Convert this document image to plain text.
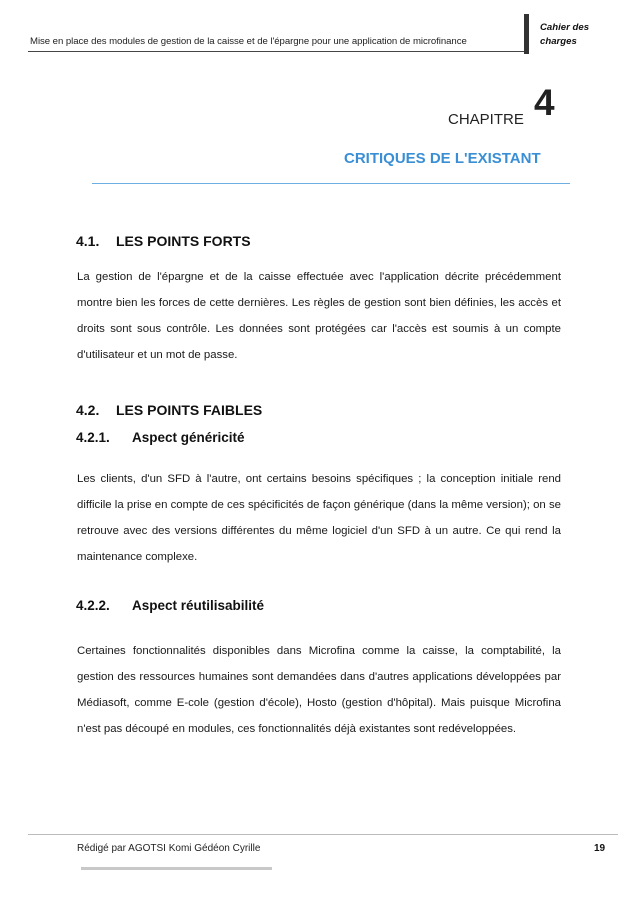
Mise en place des modules de gestion de la caisse et de l'épargne pour une application de microfinance
Cahier des
charges
CHAPITRE 4
CRITIQUES DE L'EXISTANT
4.1. LES POINTS FORTS
La gestion de l'épargne et de la caisse effectuée avec l'application décrite précédemment montre bien les forces de cette dernières. Les règles de gestion sont bien définies, les accès et droits sont sous contrôle. Les données sont protégées car l'accès est soumis à un compte d'utilisateur et un mot de passe.
4.2. LES POINTS FAIBLES
4.2.1. Aspect généricité
Les clients, d'un SFD à l'autre, ont certains besoins spécifiques ; la conception initiale rend difficile la prise en compte de ces spécificités de façon générique (dans la même version); on se retrouve avec des versions différentes du même logiciel d'un SFD à un autre. Ce qui rend la maintenance complexe.
4.2.2. Aspect réutilisabilité
Certaines fonctionnalités disponibles dans Microfina comme la caisse, la comptabilité, la gestion des ressources humaines sont demandées dans d'autres applications développées par Médiasoft, comme E-cole (gestion d'école), Hosto (gestion d'hôpital). Mais puisque Microfina n'est pas découpé en modules, ces fonctionnalités déjà existantes sont redéveloppées.
Rédigé par AGOTSI Komi Gédéon Cyrille	19
